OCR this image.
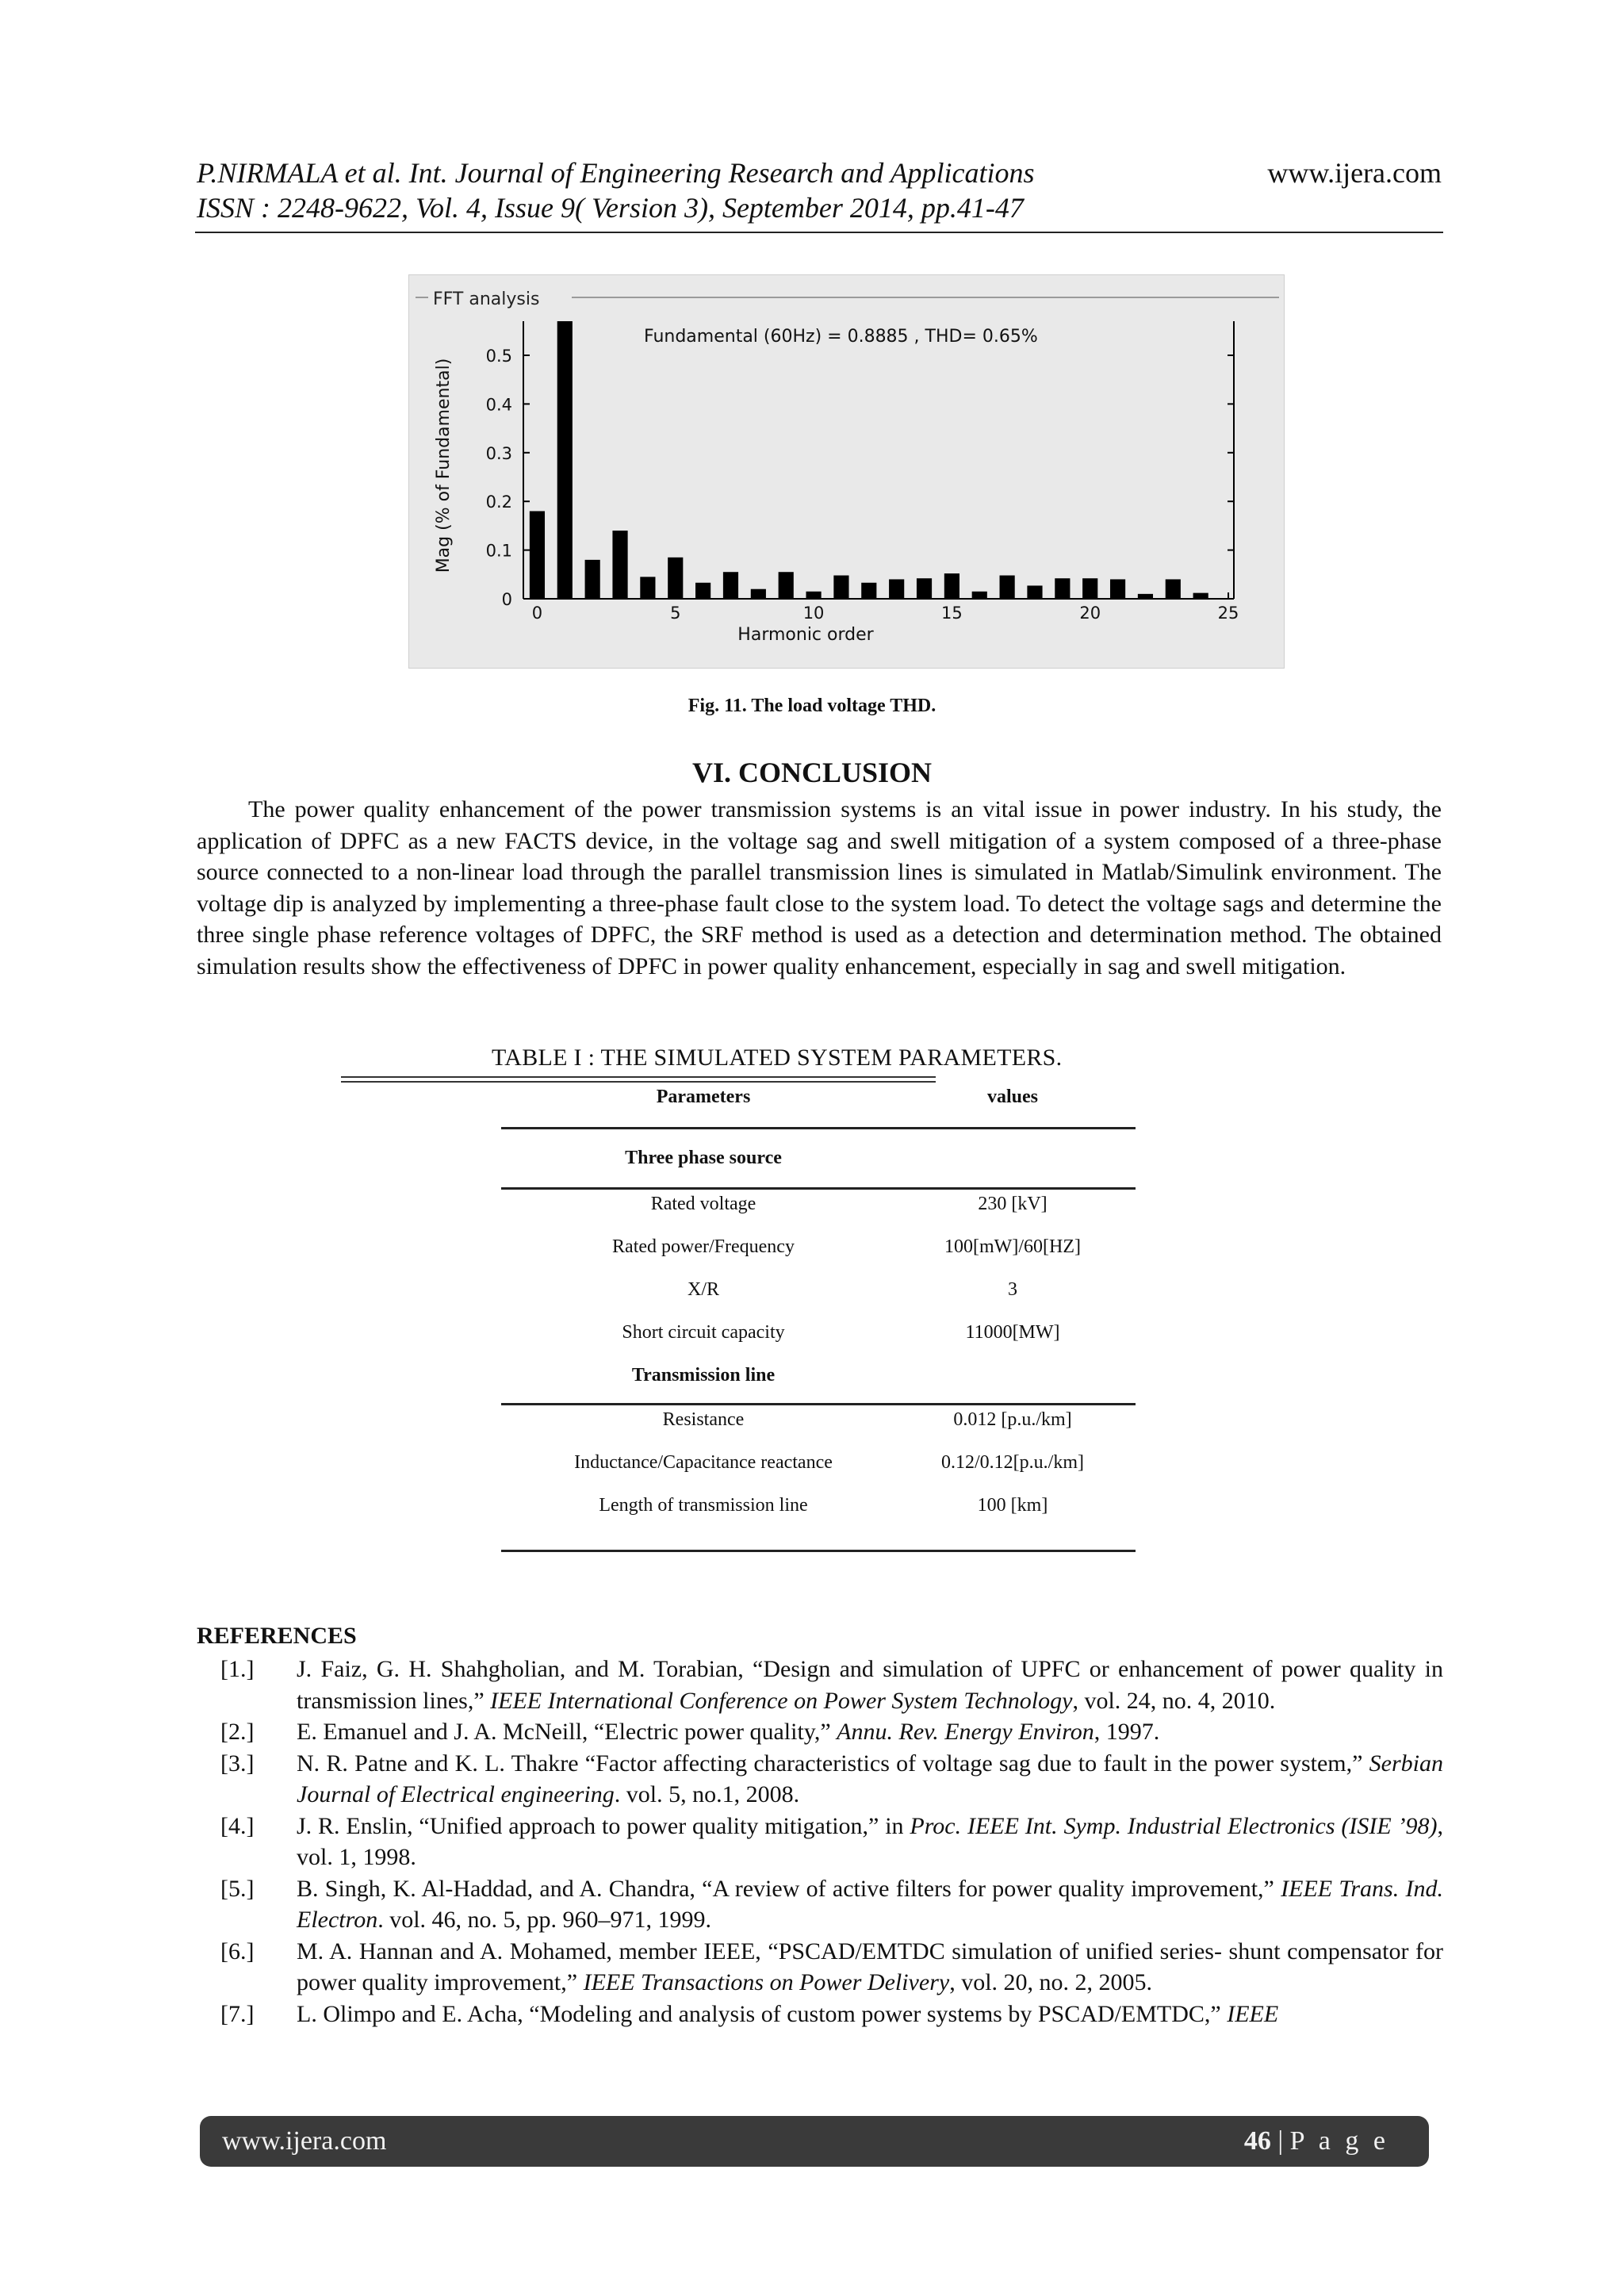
P.NIRMALA et al. Int. Journal of Engineering Research and Applications	www.ijera.com
ISSN : 2248-9622, Vol. 4, Issue 9( Version 3), September 2014, pp.41-47
FFT analysis
Fundamental (60Hz) = 0.8885 , THD= 0.65%
Harmonic order
Mag (% of Fundamental)
0
0.1
0.2
0.3
0.4
0.5
0	5	10	15	20	25
Fig. 11. The load voltage THD.
VI. CONCLUSION
The power quality enhancement of the power transmission systems is an vital issue in power industry. In his study, the application of DPFC as a new FACTS device, in the voltage sag and swell mitigation of a system composed of a three-phase source connected to a non-linear load through the parallel transmission lines is simulated in Matlab/Simulink environment. The voltage dip is analyzed by implementing a three-phase fault close to the system load. To detect the voltage sags and determine the three single phase reference voltages of DPFC, the SRF method is used as a detection and determination method. The obtained simulation results show the effectiveness of DPFC in power quality enhancement, especially in sag and swell mitigation.
TABLE I : THE SIMULATED SYSTEM PARAMETERS.
Parameters	values
Three phase source
Rated voltage	230 [kV]
Rated power/Frequency	100[mW]/60[HZ]
X/R	3
Short circuit capacity	11000[MW]
Transmission line
Resistance	0.012 [p.u./km]
Inductance/Capacitance reactance	0.12/0.12[p.u./km]
Length of transmission line	100 [km]
REFERENCES
[1.] J. Faiz, G. H. Shahgholian, and M. Torabian, “Design and simulation of UPFC or enhancement of power quality in transmission lines,” IEEE International Conference on Power System Technology, vol. 24, no. 4, 2010.
[2.] E. Emanuel and J. A. McNeill, “Electric power quality,” Annu. Rev. Energy Environ, 1997.
[3.] N. R. Patne and K. L. Thakre “Factor affecting characteristics of voltage sag due to fault in the power system,” Serbian Journal of Electrical engineering. vol. 5, no.1, 2008.
[4.] J. R. Enslin, “Unified approach to power quality mitigation,” in Proc. IEEE Int. Symp. Industrial Electronics (ISIE ’98), vol. 1, 1998.
[5.] B. Singh, K. Al-Haddad, and A. Chandra, “A review of active filters for power quality improvement,” IEEE Trans. Ind. Electron. vol. 46, no. 5, pp. 960–971, 1999.
[6.] M. A. Hannan and A. Mohamed, member IEEE, “PSCAD/EMTDC simulation of unified series- shunt compensator for power quality improvement,” IEEE Transactions on Power Delivery, vol. 20, no. 2, 2005.
[7.] L. Olimpo and E. Acha, “Modeling and analysis of custom power systems by PSCAD/EMTDC,” IEEE
www.ijera.com	46 | P a g e
